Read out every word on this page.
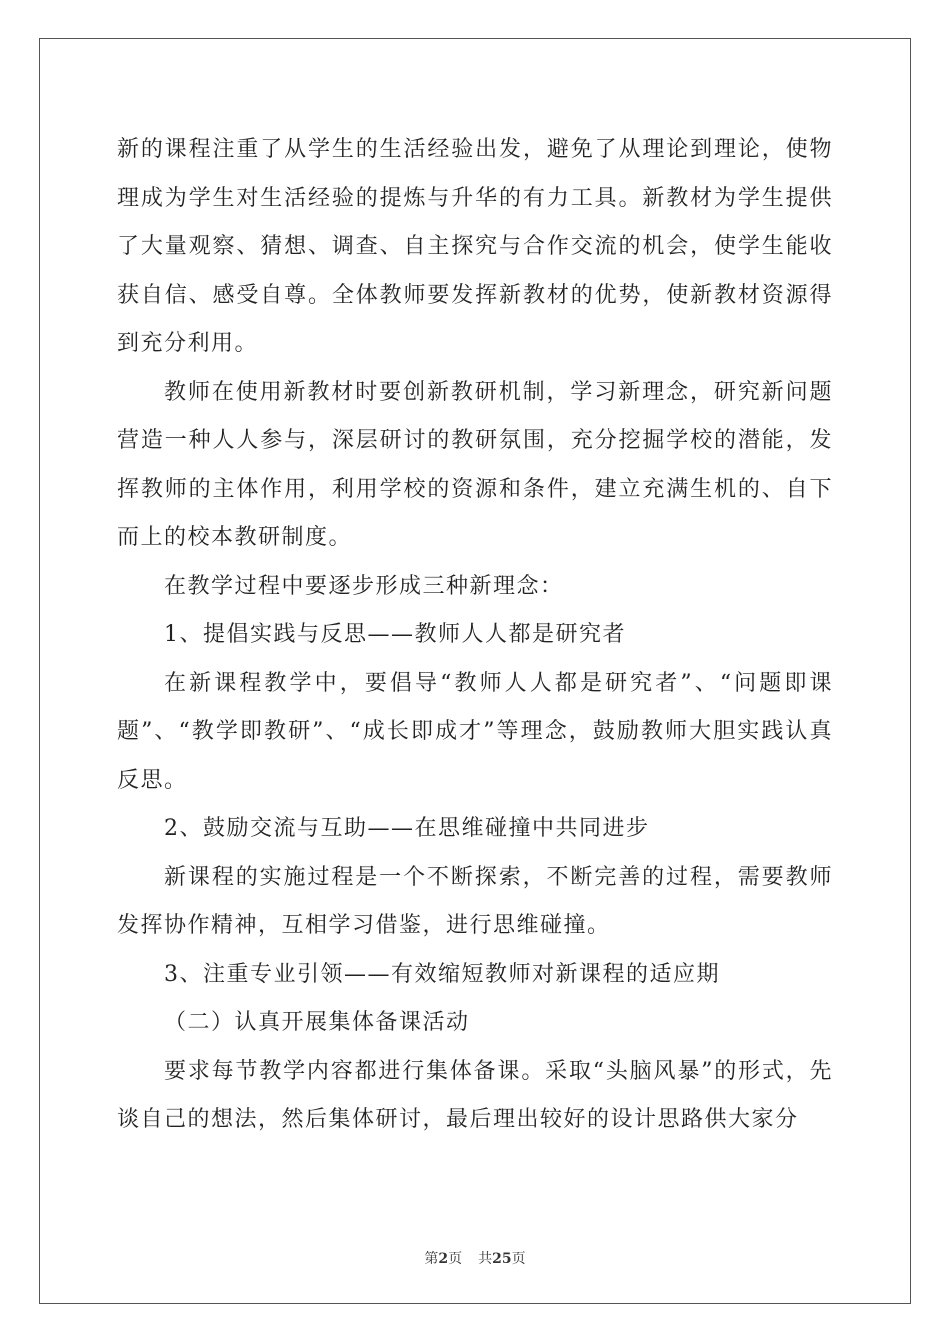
新的课程注重了从学生的生活经验出发，避免了从理论到理论，使物理成为学生对生活经验的提炼与升华的有力工具。新教材为学生提供了大量观察、猜想、调查、自主探究与合作交流的机会，使学生能收获自信、感受自尊。全体教师要发挥新教材的优势，使新教材资源得到充分利用。

教师在使用新教材时要创新教研机制，学习新理念，研究新问题营造一种人人参与，深层研讨的教研氛围，充分挖掘学校的潜能，发挥教师的主体作用，利用学校的资源和条件，建立充满生机的、自下而上的校本教研制度。

在教学过程中要逐步形成三种新理念：

1、提倡实践与反思——教师人人都是研究者

在新课程教学中，要倡导“教师人人都是研究者”、“问题即课题”、“教学即教研”、“成长即成才”等理念，鼓励教师大胆实践认真反思。

2、鼓励交流与互助——在思维碰撞中共同进步

新课程的实施过程是一个不断探索，不断完善的过程，需要教师发挥协作精神，互相学习借鉴，进行思维碰撞。

3、注重专业引领——有效缩短教师对新课程的适应期

（二）认真开展集体备课活动

要求每节教学内容都进行集体备课。采取“头脑风暴”的形式，先谈自己的想法，然后集体研讨，最后理出较好的设计思路供大家分

第2页 共25页
